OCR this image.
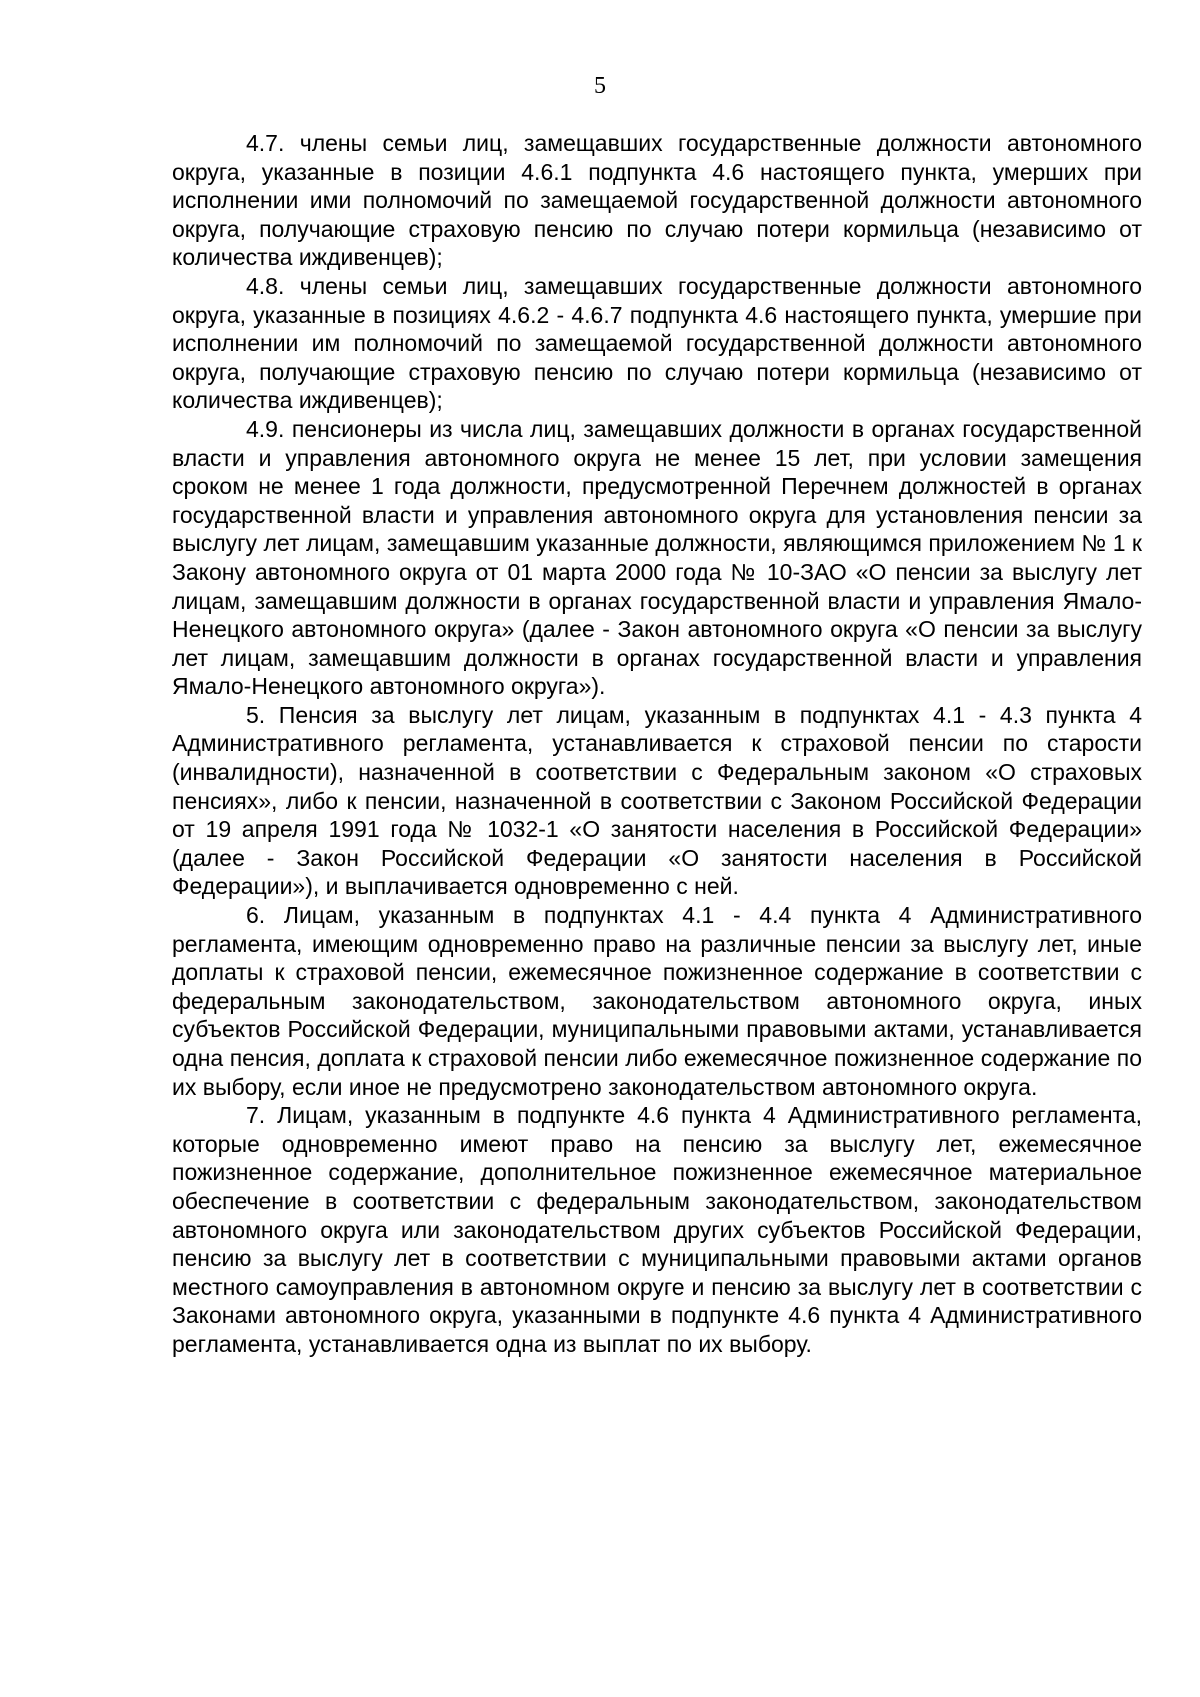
5

4.7. члены семьи лиц, замещавших государственные должности автономного округа, указанные в позиции 4.6.1 подпункта 4.6 настоящего пункта, умерших при исполнении ими полномочий по замещаемой государственной должности автономного округа, получающие страховую пенсию по случаю потери кормильца (независимо от количества иждивенцев);

4.8. члены семьи лиц, замещавших государственные должности автономного округа, указанные в позициях 4.6.2 - 4.6.7 подпункта 4.6 настоящего пункта, умершие при исполнении им полномочий по замещаемой государственной должности автономного округа, получающие страховую пенсию по случаю потери кормильца (независимо от количества иждивенцев);

4.9. пенсионеры из числа лиц, замещавших должности в органах государственной власти и управления автономного округа не менее 15 лет, при условии замещения сроком не менее 1 года должности, предусмотренной Перечнем должностей в органах государственной власти и управления автономного округа для установления пенсии за выслугу лет лицам, замещавшим указанные должности, являющимся приложением № 1 к Закону автономного округа от 01 марта 2000 года № 10-ЗАО «О пенсии за выслугу лет лицам, замещавшим должности в органах государственной власти и управления Ямало-Ненецкого автономного округа» (далее - Закон автономного округа «О пенсии за выслугу лет лицам, замещавшим должности в органах государственной власти и управления Ямало-Ненецкого автономного округа»).

5. Пенсия за выслугу лет лицам, указанным в подпунктах 4.1 - 4.3 пункта 4 Административного регламента, устанавливается к страховой пенсии по старости (инвалидности), назначенной в соответствии с Федеральным законом «О страховых пенсиях», либо к пенсии, назначенной в соответствии с Законом Российской Федерации от 19 апреля 1991 года № 1032-1 «О занятости населения в Российской Федерации» (далее - Закон Российской Федерации «О занятости населения в Российской Федерации»), и выплачивается одновременно с ней.

6. Лицам, указанным в подпунктах 4.1 - 4.4 пункта 4 Административного регламента, имеющим одновременно право на различные пенсии за выслугу лет, иные доплаты к страховой пенсии, ежемесячное пожизненное содержание в соответствии с федеральным законодательством, законодательством автономного округа, иных субъектов Российской Федерации, муниципальными правовыми актами, устанавливается одна пенсия, доплата к страховой пенсии либо ежемесячное пожизненное содержание по их выбору, если иное не предусмотрено законодательством автономного округа.

7. Лицам, указанным в подпункте 4.6 пункта 4 Административного регламента, которые одновременно имеют право на пенсию за выслугу лет, ежемесячное пожизненное содержание, дополнительное пожизненное ежемесячное материальное обеспечение в соответствии с федеральным законодательством, законодательством автономного округа или законодательством других субъектов Российской Федерации, пенсию за выслугу лет в соответствии с муниципальными правовыми актами органов местного самоуправления в автономном округе и пенсию за выслугу лет в соответствии с Законами автономного округа, указанными в подпункте 4.6 пункта 4 Административного регламента, устанавливается одна из выплат по их выбору.
